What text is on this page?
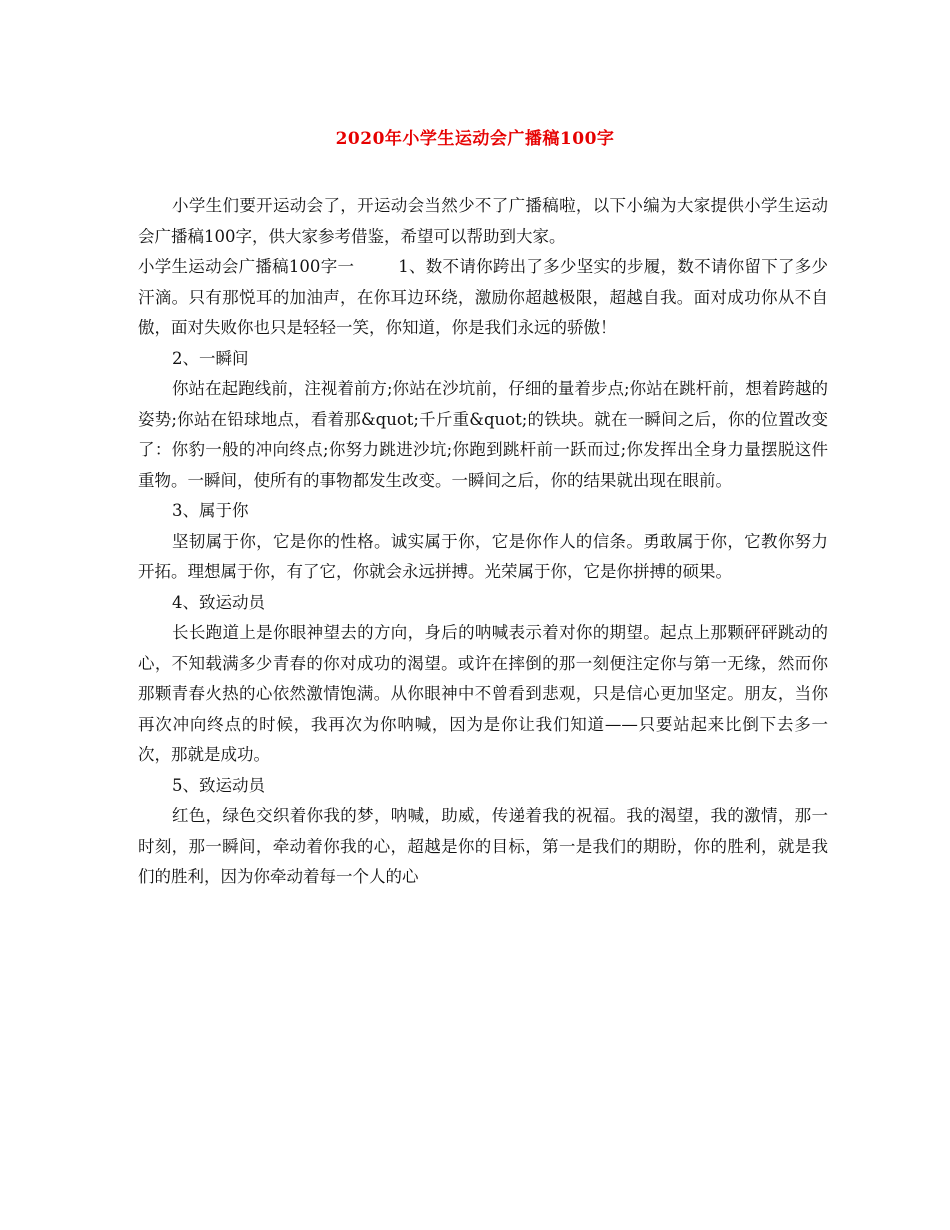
2020年小学生运动会广播稿100字

小学生们要开运动会了，开运动会当然少不了广播稿啦，以下小编为大家提供小学生运动会广播稿100字，供大家参考借鉴，希望可以帮助到大家。

小学生运动会广播稿100字一	1、数不请你跨出了多少坚实的步履，数不请你留下了多少汗滴。只有那悦耳的加油声，在你耳边环绕，激励你超越极限，超越自我。面对成功你从不自傲，面对失败你也只是轻轻一笑，你知道，你是我们永远的骄傲！

2、一瞬间

你站在起跑线前，注视着前方;你站在沙坑前，仔细的量着步点;你站在跳杆前，想着跨越的姿势;你站在铅球地点，看着那&quot;千斤重&quot;的铁块。就在一瞬间之后，你的位置改变了：你豹一般的冲向终点;你努力跳进沙坑;你跑到跳杆前一跃而过;你发挥出全身力量摆脱这件重物。一瞬间，使所有的事物都发生改变。一瞬间之后，你的结果就出现在眼前。

3、属于你

坚韧属于你，它是你的性格。诚实属于你，它是你作人的信条。勇敢属于你，它教你努力开拓。理想属于你，有了它，你就会永远拼搏。光荣属于你，它是你拼搏的硕果。

4、致运动员

长长跑道上是你眼神望去的方向，身后的呐喊表示着对你的期望。起点上那颗砰砰跳动的心，不知载满多少青春的你对成功的渴望。或许在摔倒的那一刻便注定你与第一无缘，然而你那颗青春火热的心依然激情饱满。从你眼神中不曾看到悲观，只是信心更加坚定。朋友，当你再次冲向终点的时候，我再次为你呐喊，因为是你让我们知道——只要站起来比倒下去多一次，那就是成功。

5、致运动员

红色，绿色交织着你我的梦，呐喊，助威，传递着我的祝福。我的渴望，我的激情，那一时刻，那一瞬间，牵动着你我的心，超越是你的目标，第一是我们的期盼，你的胜利，就是我们的胜利，因为你牵动着每一个人的心
